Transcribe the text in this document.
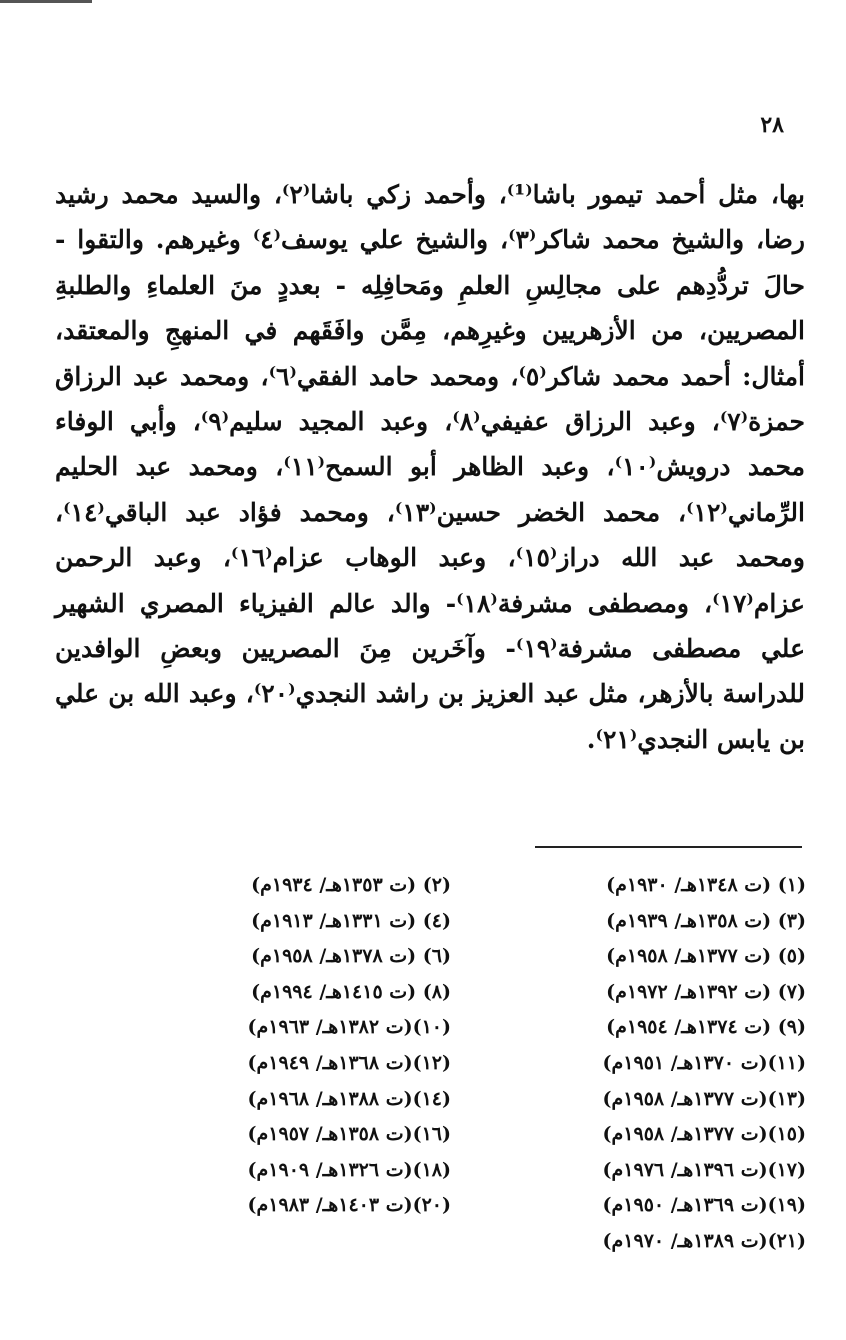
٢٨

بها، مثل أحمد تيمور باشا⁽¹⁾، وأحمد زكي باشا⁽٢⁾، والسيد محمد رشيد رضا، والشيخ محمد شاكر⁽٣⁾، والشيخ علي يوسف⁽٤⁾ وغيرهم. والتقوا - حالَ تردُّدِهم على مجالِسِ العلمِ ومَحافِلِه - بعددٍ منَ العلماءِ والطلبةِ المصريين، من الأزهريين وغيرِهم، مِمَّن وافَقَهم في المنهجِ والمعتقد، أمثال: أحمد محمد شاكر⁽٥⁾، ومحمد حامد الفقي⁽٦⁾، ومحمد عبد الرزاق حمزة⁽٧⁾، وعبد الرزاق عفيفي⁽٨⁾، وعبد المجيد سليم⁽٩⁾، وأبي الوفاء محمد درويش⁽١٠⁾، وعبد الظاهر أبو السمح⁽١١⁾، ومحمد عبد الحليم الرِّماني⁽١٢⁾، محمد الخضر حسين⁽١٣⁾، ومحمد فؤاد عبد الباقي⁽١٤⁾، ومحمد عبد الله دراز⁽١٥⁾، وعبد الوهاب عزام⁽١٦⁾، وعبد الرحمن عزام⁽١٧⁾، ومصطفى مشرفة⁽١٨⁾- والد عالم الفيزياء المصري الشهير علي مصطفى مشرفة⁽١٩⁾- وآخَرين مِنَ المصريين وبعضِ الوافدين للدراسة بالأزهر، مثل عبد العزيز بن راشد النجدي⁽٢٠⁾، وعبد الله بن علي بن يابس النجدي⁽٢١⁾.

(١) (ت ١٣٤٨هـ/ ١٩٣٠م)
(٣) (ت ١٣٥٨هـ/ ١٩٣٩م)
(٥) (ت ١٣٧٧هـ/ ١٩٥٨م)
(٧) (ت ١٣٩٢هـ/ ١٩٧٢م)
(٩) (ت ١٣٧٤هـ/ ١٩٥٤م)
(١١)(ت ١٣٧٠هـ/ ١٩٥١م)
(١٣)(ت ١٣٧٧هـ/ ١٩٥٨م)
(١٥)(ت ١٣٧٧هـ/ ١٩٥٨م)
(١٧)(ت ١٣٩٦هـ/ ١٩٧٦م)
(١٩)(ت ١٣٦٩هـ/ ١٩٥٠م)
(٢١)(ت ١٣٨٩هـ/ ١٩٧٠م)
(٢) (ت ١٣٥٣هـ/ ١٩٣٤م)
(٤) (ت ١٣٣١هـ/ ١٩١٣م)
(٦) (ت ١٣٧٨هـ/ ١٩٥٨م)
(٨) (ت ١٤١٥هـ/ ١٩٩٤م)
(١٠)(ت ١٣٨٢هـ/ ١٩٦٣م)
(١٢)(ت ١٣٦٨هـ/ ١٩٤٩م)
(١٤)(ت ١٣٨٨هـ/ ١٩٦٨م)
(١٦)(ت ١٣٥٨هـ/ ١٩٥٧م)
(١٨)(ت ١٣٢٦هـ/ ١٩٠٩م)
(٢٠)(ت ١٤٠٣هـ/ ١٩٨٣م)
